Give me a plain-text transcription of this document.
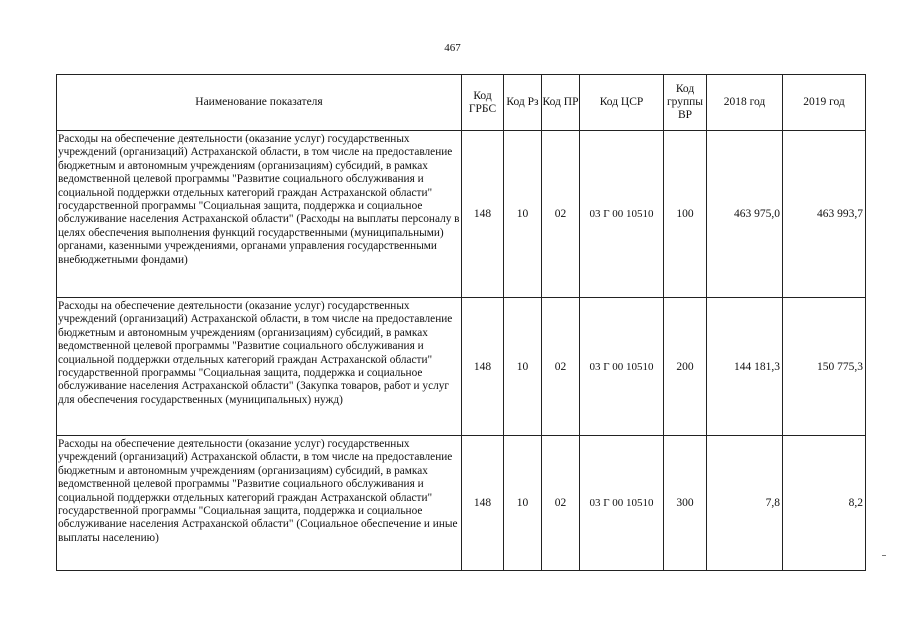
467
Наименование показателя	Код ГРБС	Код Рз	Код ПР	Код ЦСР	Код группы ВР	2018 год	2019 год
Расходы на обеспечение деятельности (оказание услуг) государственных учреждений (организаций) Астраханской области, в том числе на предоставление бюджетным и автономным учреждениям (организациям) субсидий, в рамках ведомственной целевой программы "Развитие социального обслуживания и социальной поддержки отдельных категорий граждан Астраханской области" государственной программы "Социальная защита, поддержка и социальное обслуживание населения Астраханской области" (Расходы на выплаты персоналу в целях обеспечения выполнения функций государственными (муниципальными) органами, казенными учреждениями, органами управления государственными внебюджетными фондами)	148	10	02	03 Г 00 10510	100	463 975,0	463 993,7
Расходы на обеспечение деятельности (оказание услуг) государственных учреждений (организаций) Астраханской области, в том числе на предоставление бюджетным и автономным учреждениям (организациям) субсидий, в рамках ведомственной целевой программы "Развитие социального обслуживания и социальной поддержки отдельных категорий граждан Астраханской области" государственной программы "Социальная защита, поддержка и социальное обслуживание населения Астраханской области" (Закупка товаров, работ и услуг для обеспечения государственных (муниципальных) нужд)	148	10	02	03 Г 00 10510	200	144 181,3	150 775,3
Расходы на обеспечение деятельности (оказание услуг) государственных учреждений (организаций) Астраханской области, в том числе на предоставление бюджетным и автономным учреждениям (организациям) субсидий, в рамках ведомственной целевой программы "Развитие социального обслуживания и социальной поддержки отдельных категорий граждан Астраханской области" государственной программы "Социальная защита, поддержка и социальное обслуживание населения Астраханской области" (Социальное обеспечение и иные выплаты населению)	148	10	02	03 Г 00 10510	300	7,8	8,2
